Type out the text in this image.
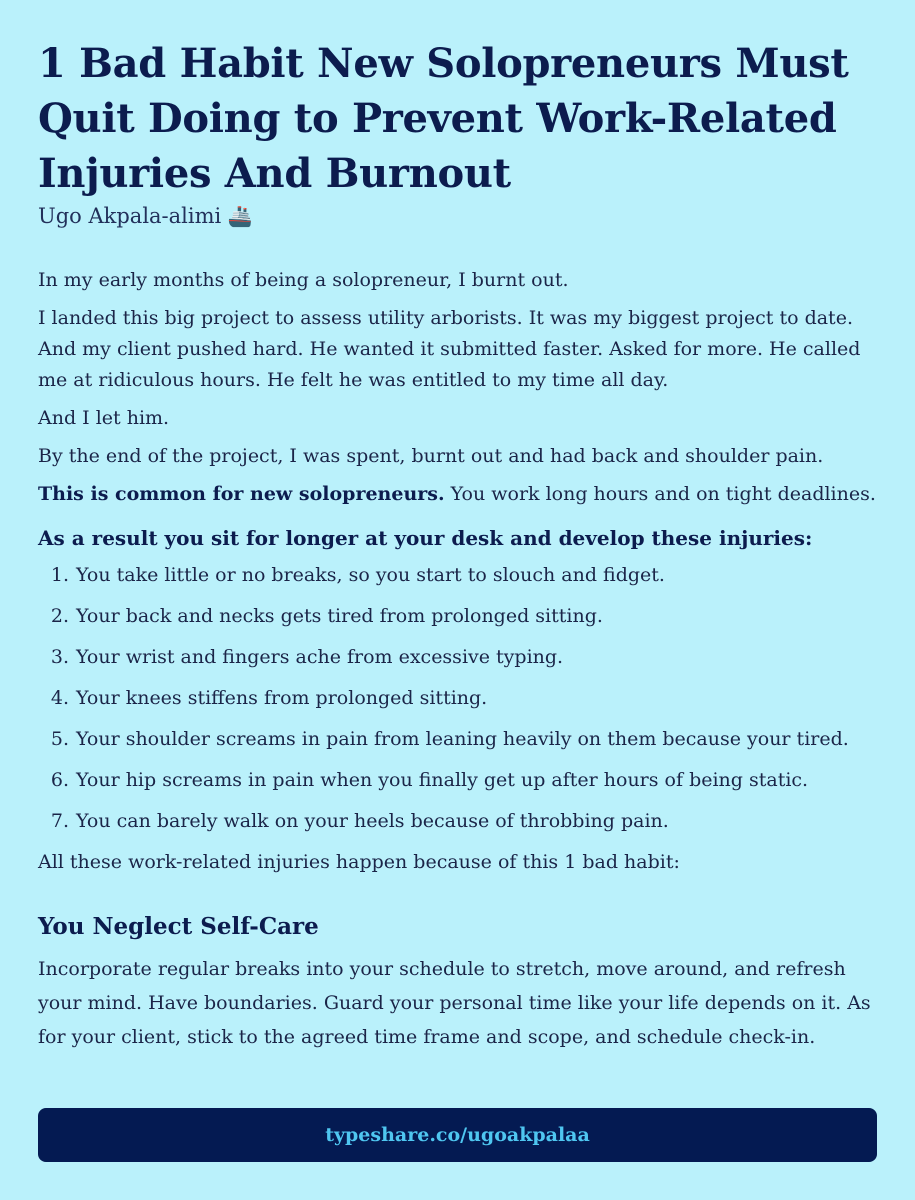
1 Bad Habit New Solopreneurs Must Quit Doing to Prevent Work-Related Injuries And Burnout
Ugo Akpala-alimi 🚢

In my early months of being a solopreneur, I burnt out.

I landed this big project to assess utility arborists. It was my biggest project to date. And my client pushed hard. He wanted it submitted faster. Asked for more. He called me at ridiculous hours. He felt he was entitled to my time all day.

And I let him.

By the end of the project, I was spent, burnt out and had back and shoulder pain.

This is common for new solopreneurs. You work long hours and on tight deadlines.

As a result you sit for longer at your desk and develop these injuries:
1. You take little or no breaks, so you start to slouch and fidget.
2. Your back and necks gets tired from prolonged sitting.
3. Your wrist and fingers ache from excessive typing.
4. Your knees stiffens from prolonged sitting.
5. Your shoulder screams in pain from leaning heavily on them because your tired.
6. Your hip screams in pain when you finally get up after hours of being static.
7. You can barely walk on your heels because of throbbing pain.

All these work-related injuries happen because of this 1 bad habit:

You Neglect Self-Care

Incorporate regular breaks into your schedule to stretch, move around, and refresh your mind. Have boundaries. Guard your personal time like your life depends on it. As for your client, stick to the agreed time frame and scope, and schedule check-in.

typeshare.co/ugoakpalaa
